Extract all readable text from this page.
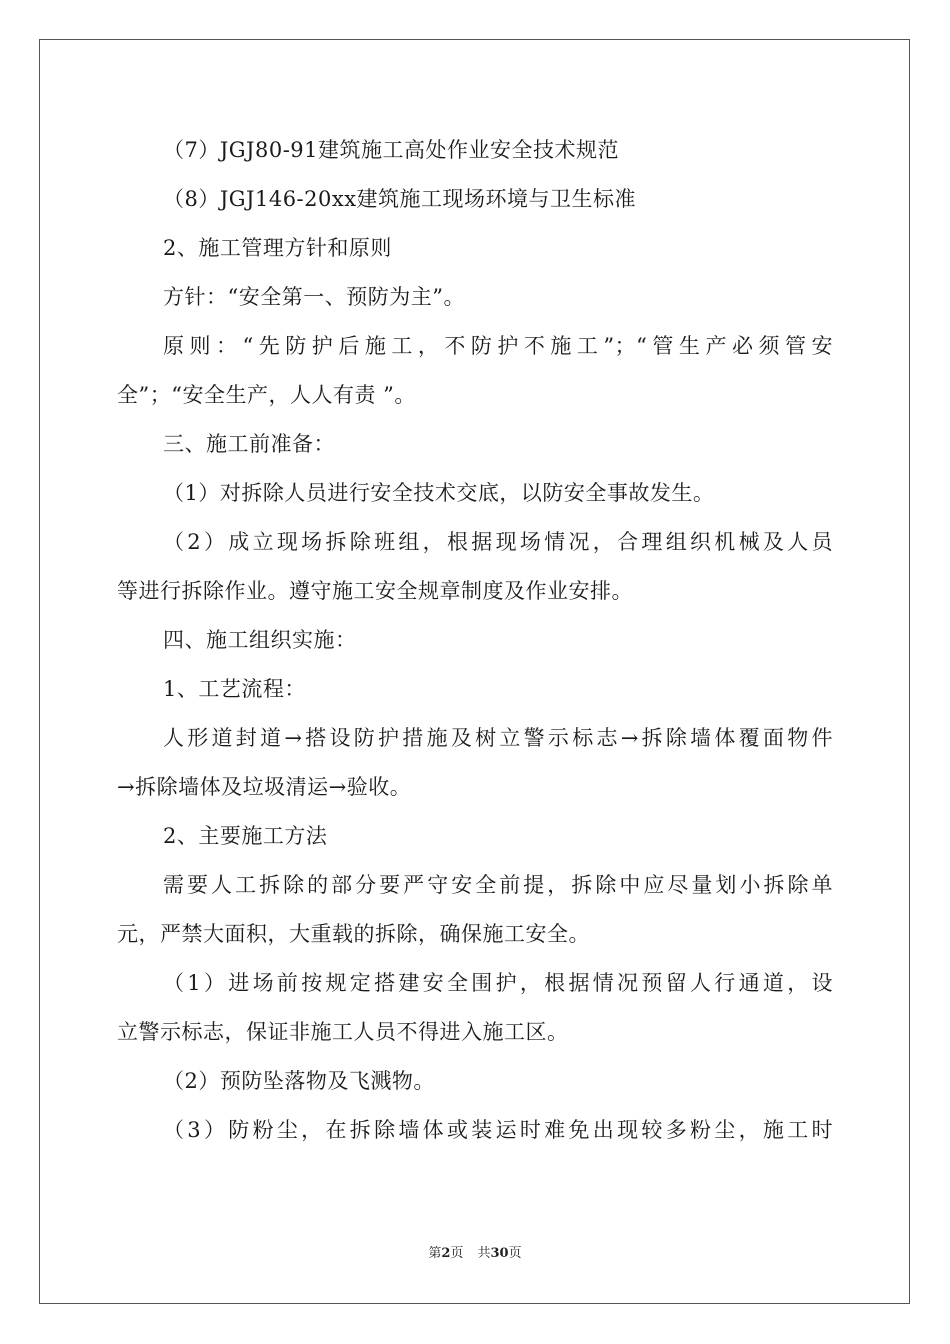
（7）JGJ80-91建筑施工高处作业安全技术规范
（8）JGJ146-20xx建筑施工现场环境与卫生标准
2、施工管理方针和原则
方针：“安全第一、预防为主”。
原则：“先防护后施工，不防护不施工”；“管生产必须管安
全”；“安全生产，人人有责 ”。
三、施工前准备：
（1）对拆除人员进行安全技术交底，以防安全事故发生。
（2）成立现场拆除班组，根据现场情况，合理组织机械及人员
等进行拆除作业。遵守施工安全规章制度及作业安排。
四、施工组织实施：
1、工艺流程：
人形道封道→搭设防护措施及树立警示标志→拆除墙体覆面物件
→拆除墙体及垃圾清运→验收。
2、主要施工方法
需要人工拆除的部分要严守安全前提，拆除中应尽量划小拆除单
元，严禁大面积，大重载的拆除，确保施工安全。
（1）进场前按规定搭建安全围护，根据情况预留人行通道，设
立警示标志，保证非施工人员不得进入施工区。
（2）预防坠落物及飞溅物。
（3）防粉尘，在拆除墙体或装运时难免出现较多粉尘，施工时
第2页 共30页
